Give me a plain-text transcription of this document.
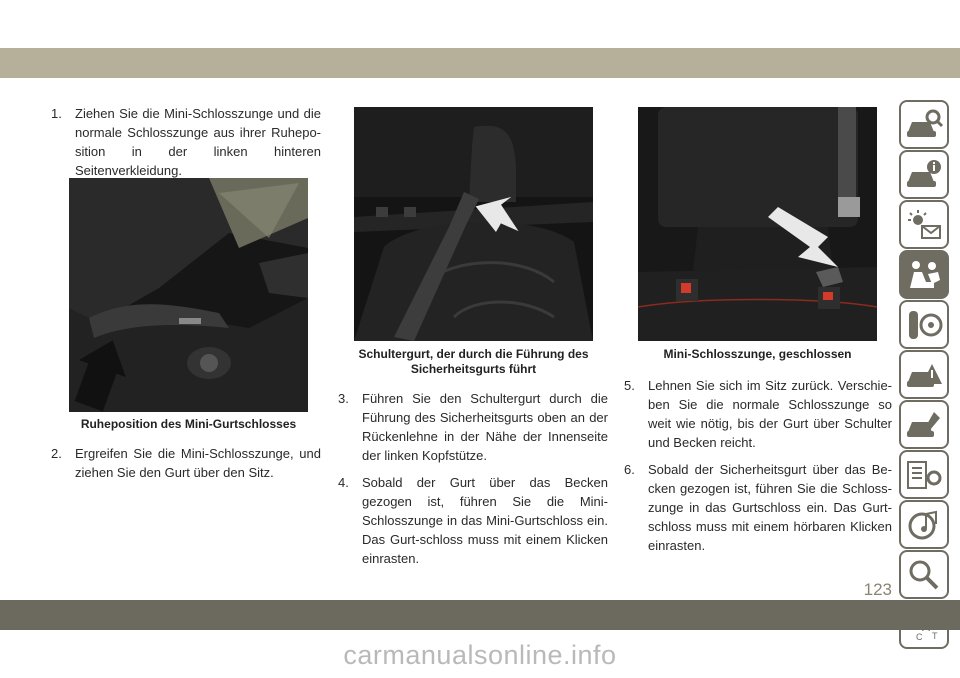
1. Ziehen Sie die Mini-Schlosszunge und die normale Schlosszunge aus ihrer Ruhepo-sition in der linken hinteren Seitenverkleidung.

Ruheposition des Mini-Gurtschlosses

2. Ergreifen Sie die Mini-Schlosszunge, und ziehen Sie den Gurt über den Sitz.

Schultergurt, der durch die Führung des Sicherheitsgurts führt

3. Führen Sie den Schultergurt durch die Führung des Sicherheitsgurts oben an der Rückenlehne in der Nähe der Innenseite der linken Kopfstütze.

4. Sobald der Gurt über das Becken gezogen ist, führen Sie die Mini-Schlosszunge in das Mini-Gurtschloss ein. Das Gurt-schloss muss mit einem Klicken einrasten.

Mini-Schlosszunge, geschlossen

5. Lehnen Sie sich im Sitz zurück. Verschie-ben Sie die normale Schlosszunge so weit wie nötig, bis der Gurt über Schulter und Becken reicht.

6. Sobald der Sicherheitsgurt über das Be-cken gezogen ist, führen Sie die Schloss-zunge in das Gurtschloss ein. Das Gurt-schloss muss mit einem hörbaren Klicken einrasten.

C T
123
carmanualsonline.info
